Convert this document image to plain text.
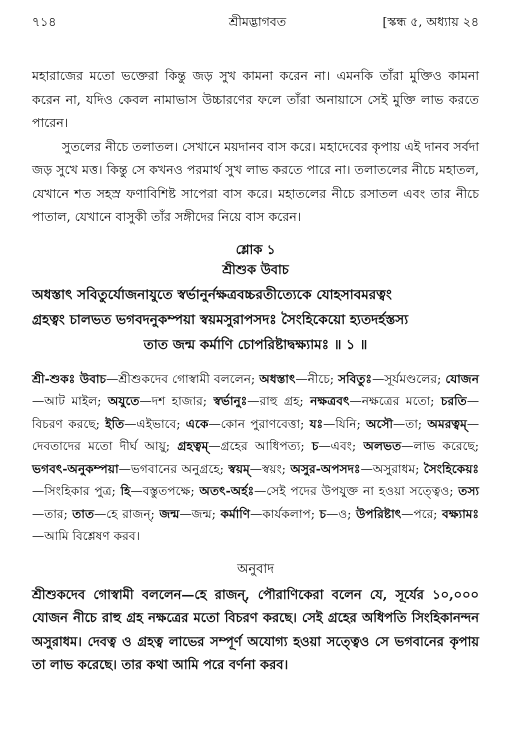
৭১৪	শ্রীমদ্ভাগবত	[স্কন্ধ ৫, অধ্যায় ২৪

মহারাজের মতো ভক্তেরা কিন্তু জড় সুখ কামনা করেন না। এমনকি তাঁরা মুক্তিও কামনা করেন না, যদিও কেবল নামাভাস উচ্চারণের ফলে তাঁরা অনায়াসে সেই মুক্তি লাভ করতে পারেন।

সুতলের নীচে তলাতল। সেখানে ময়দানব বাস করে। মহাদেবের কৃপায় এই দানব সর্বদা জড় সুখে মত্ত। কিন্তু সে কখনও পরমার্থ সুখ লাভ করতে পারে না। তলাতলের নীচে মহাতল, যেখানে শত সহস্র ফণাবিশিষ্ট সাপেরা বাস করে। মহাতলের নীচে রসাতল এবং তার নীচে পাতাল, যেখানে বাসুকী তাঁর সঙ্গীদের নিয়ে বাস করেন।

শ্লোক ১
শ্রীশুক উবাচ
অধস্তাৎ সবিতুর্যোজনাযুতে স্বর্ভানুর্নক্ষত্রবচ্চরতীত্যেকে যোহসাবমরত্বং
গ্রহত্বং চালভত ভগবদনুকম্পয়া স্বয়মসুরাপসদঃ সৈংহিকেয়ো হ্যতদর্হস্তস্য
তাত জন্ম কর্মাণি চোপরিষ্টাদ্বক্ষ্যামঃ ॥ ১ ॥
শ্রী-শুকঃ উবাচ—শ্রীশুকদেব গোস্বামী বললেন; অধস্তাৎ—নীচে; সবিতুঃ—সূর্যমণ্ডলের; যোজন—আট মাইল; অযুতে—দশ হাজার; স্বর্ভানুঃ—রাহু গ্রহ; নক্ষত্রবৎ—নক্ষত্রের মতো; চরতি—বিচরণ করছে; ইতি—এইভাবে; একে—কোন পুরাণবেত্তা; যঃ—যিনি; অসৌ—তা; অমরত্বম্—দেবতাদের মতো দীর্ঘ আয়ু; গ্রহত্বম্—গ্রহের আধিপত্য; চ—এবং; অলভত—লাভ করেছে; ভগবৎ-অনুকম্পয়া—ভগবানের অনুগ্রহে; স্বয়ম্—স্বয়ং; অসুর-অপসদঃ—অসুরাধম; সৈংহিকেয়ঃ—সিংহিকার পুত্র; হি—বস্তুতপক্ষে; অতৎ-অর্হঃ—সেই পদের উপযুক্ত না হওয়া সত্ত্বেও; তস্য—তার; তাত—হে রাজন্; জন্ম—জন্ম; কর্মাণি—কার্যকলাপ; চ—ও; উপরিষ্টাৎ—পরে; বক্ষ্যামঃ—আমি বিশ্লেষণ করব।
অনুবাদ

শ্রীশুকদেব গোস্বামী বললেন—হে রাজন্, পৌরাণিকেরা বলেন যে, সূর্যের ১০,০০০ যোজন নীচে রাহু গ্রহ নক্ষত্রের মতো বিচরণ করছে। সেই গ্রহের অধিপতি সিংহিকানন্দন অসুরাধম। দেবত্ব ও গ্রহত্ব লাভের সম্পূর্ণ অযোগ্য হওয়া সত্ত্বেও সে ভগবানের কৃপায় তা লাভ করেছে। তার কথা আমি পরে বর্ণনা করব।
